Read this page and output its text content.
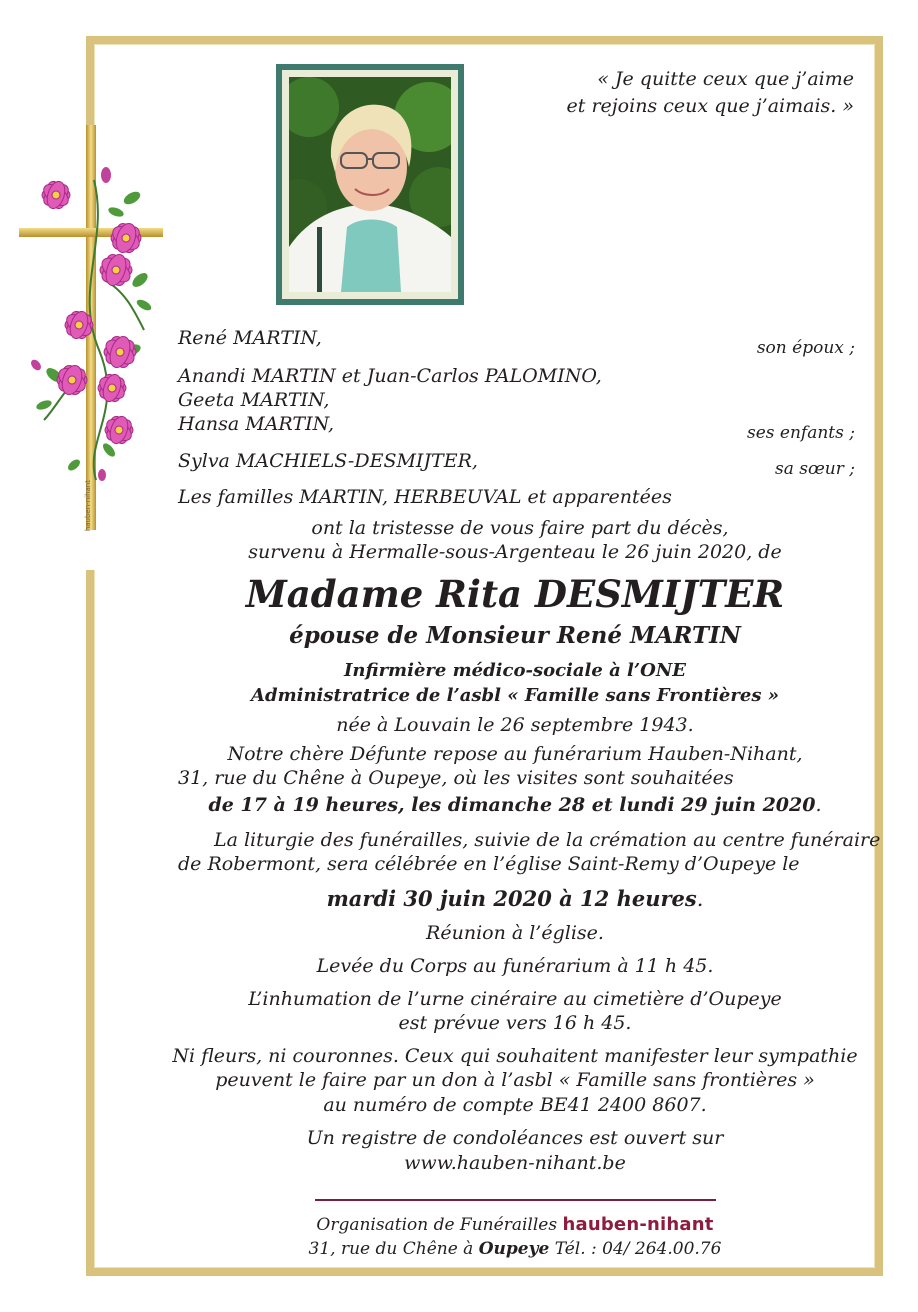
hauben-nihant
« Je quitte ceux que j’aime
et rejoins ceux que j’aimais. »
René MARTIN,	son époux ;
Anandi MARTIN et Juan-Carlos PALOMINO,
Geeta MARTIN,
Hansa MARTIN,	ses enfants ;
Sylva MACHIELS-DESMIJTER,	sa sœur ;
Les familles MARTIN, HERBEUVAL et apparentées
ont la tristesse de vous faire part du décès,
survenu à Hermalle-sous-Argenteau le 26 juin 2020, de
Madame Rita DESMIJTER
épouse de Monsieur René MARTIN
Infirmière médico-sociale à l’ONE
Administratrice de l’asbl « Famille sans Frontières »
née à Louvain le 26 septembre 1943.
Notre chère Défunte repose au funérarium Hauben-Nihant,
31, rue du Chêne à Oupeye, où les visites sont souhaitées
de 17 à 19 heures, les dimanche 28 et lundi 29 juin 2020.
La liturgie des funérailles, suivie de la crémation au centre funéraire
de Robermont, sera célébrée en l’église Saint-Remy d’Oupeye le
mardi 30 juin 2020 à 12 heures.
Réunion à l’église.
Levée du Corps au funérarium à 11 h 45.
L’inhumation de l’urne cinéraire au cimetière d’Oupeye
est prévue vers 16 h 45.
Ni fleurs, ni couronnes. Ceux qui souhaitent manifester leur sympathie
peuvent le faire par un don à l’asbl « Famille sans frontières »
au numéro de compte BE41 2400 8607.
Un registre de condoléances est ouvert sur
www.hauben-nihant.be
Organisation de Funérailles hauben-nihant
31, rue du Chêne à Oupeye Tél. : 04/ 264.00.76
